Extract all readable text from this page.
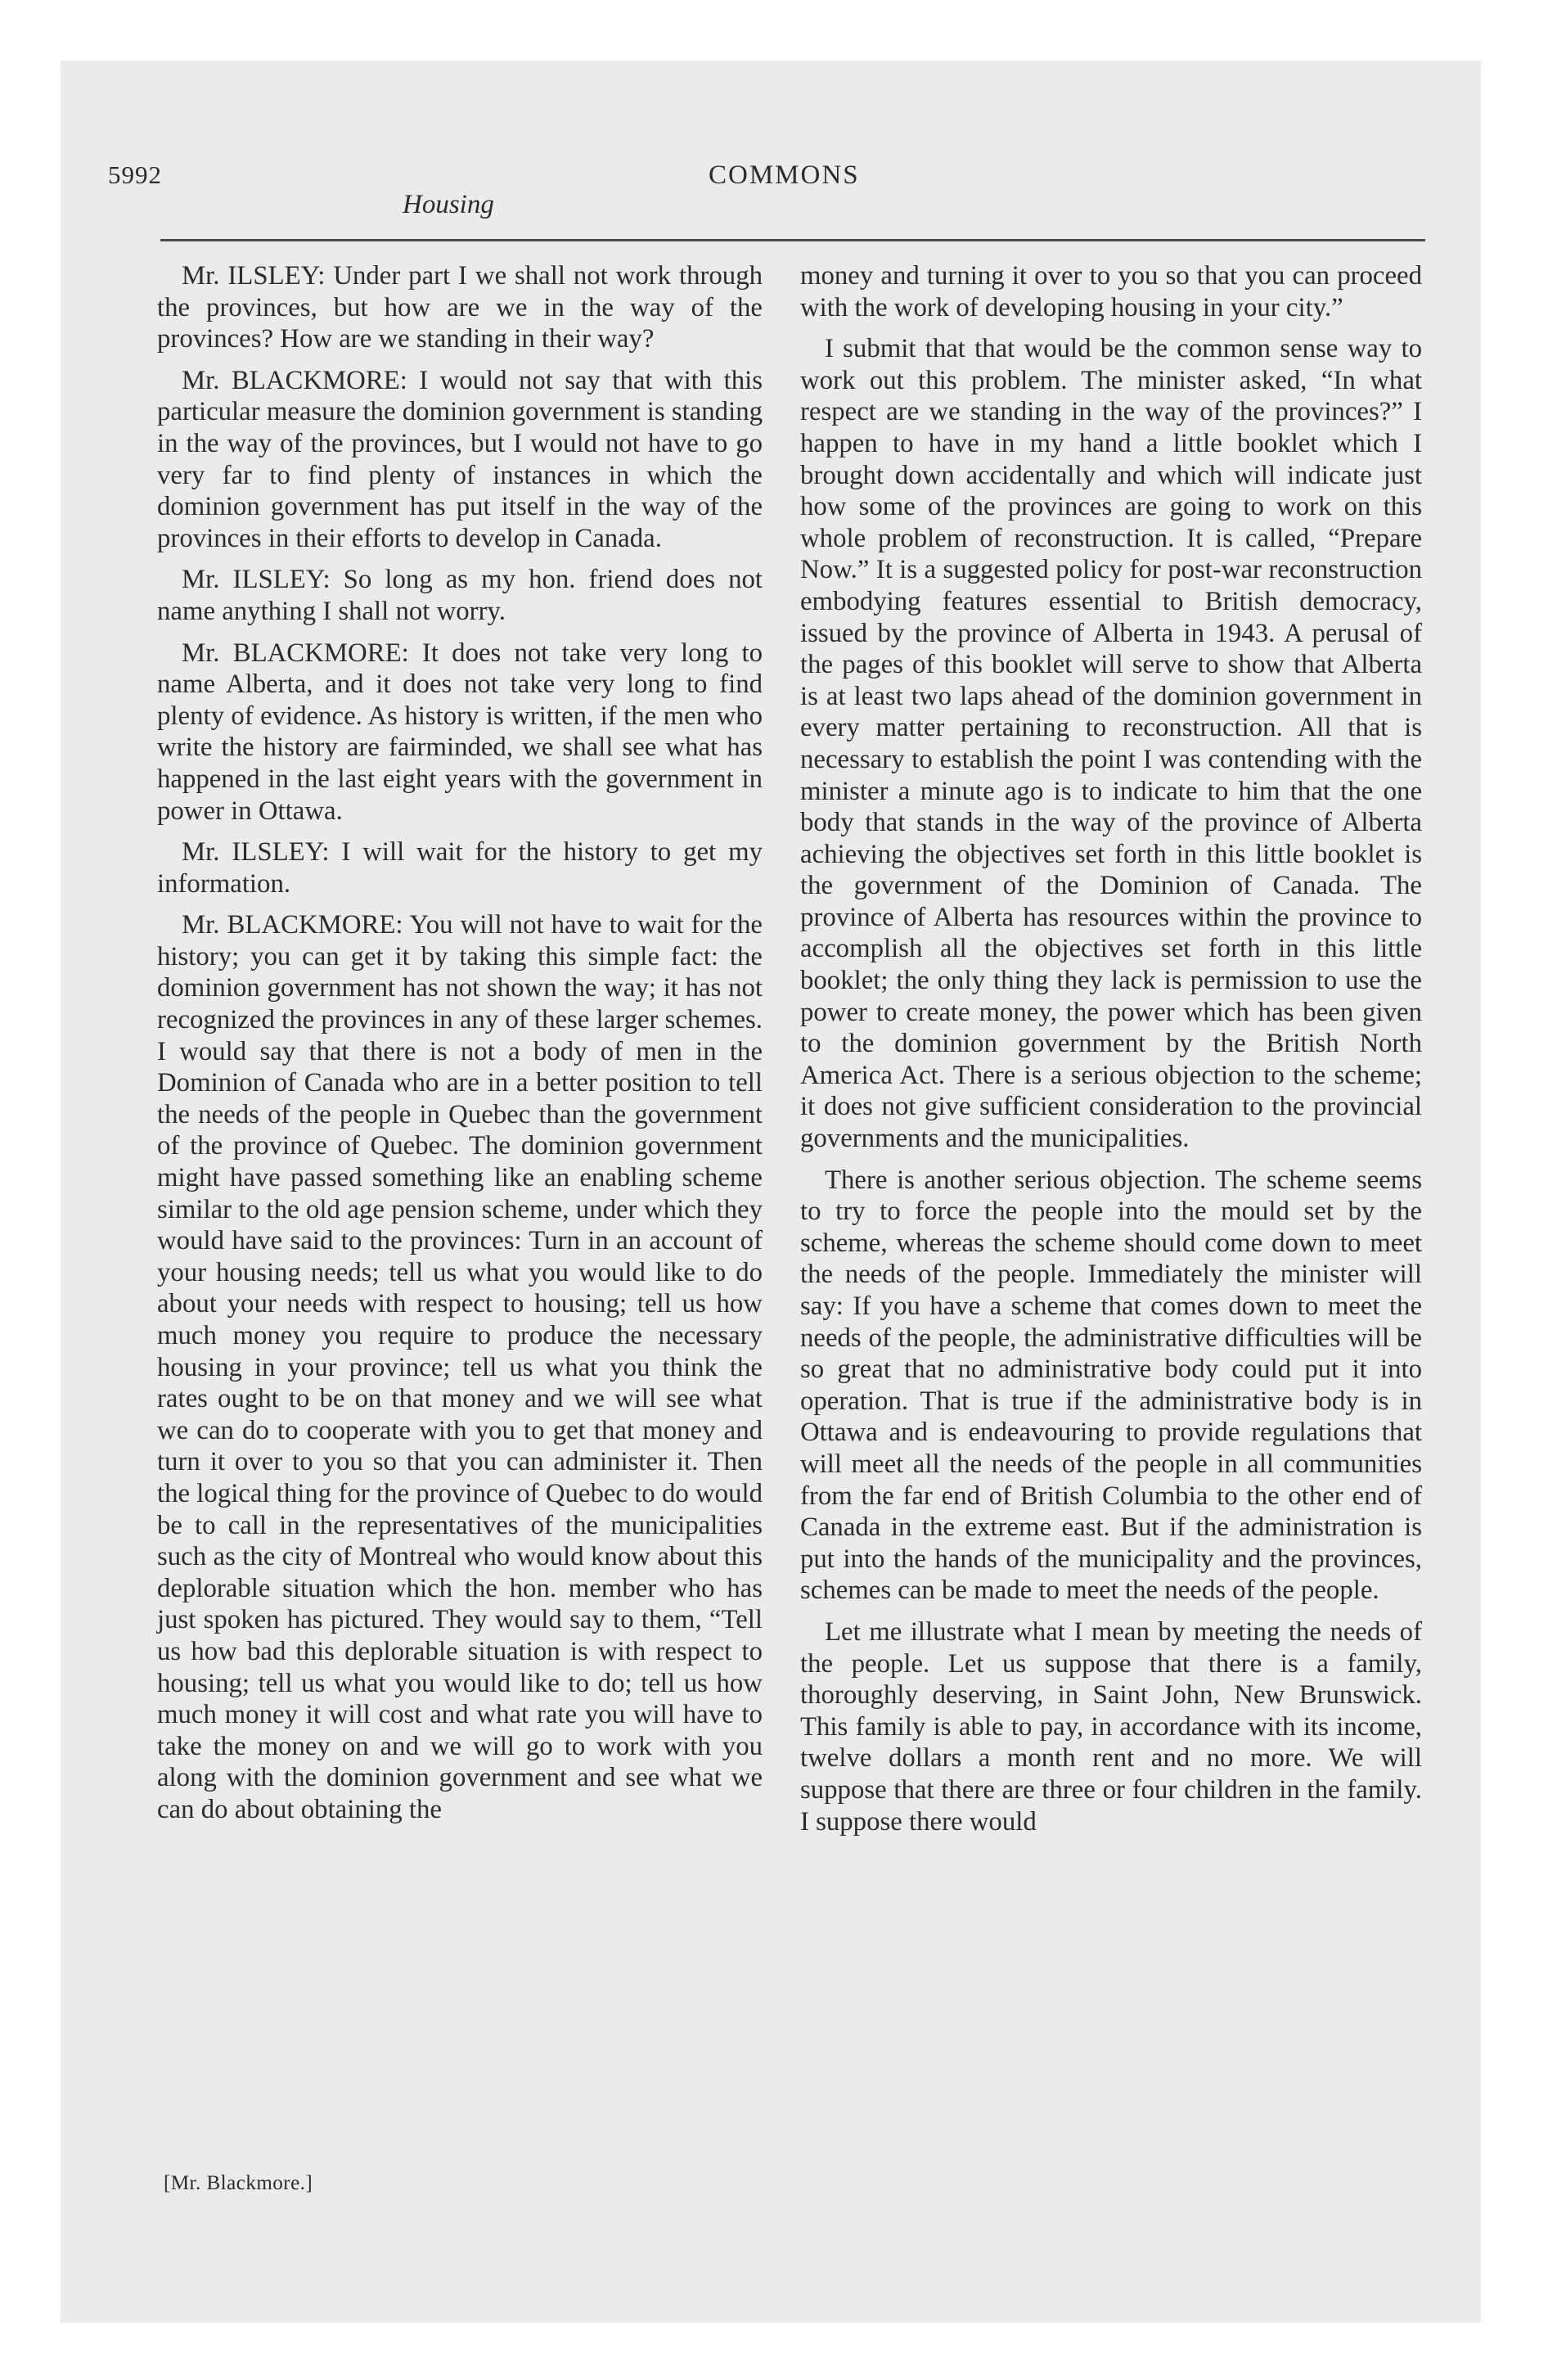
5992
Housing
COMMONS

Mr. ILSLEY: Under part I we shall not work through the provinces, but how are we in the way of the provinces? How are we standing in their way?

Mr. BLACKMORE: I would not say that with this particular measure the dominion government is standing in the way of the provinces, but I would not have to go very far to find plenty of instances in which the dominion government has put itself in the way of the provinces in their efforts to develop in Canada.

Mr. ILSLEY: So long as my hon. friend does not name anything I shall not worry.

Mr. BLACKMORE: It does not take very long to name Alberta, and it does not take very long to find plenty of evidence. As history is written, if the men who write the history are fairminded, we shall see what has happened in the last eight years with the government in power in Ottawa.

Mr. ILSLEY: I will wait for the history to get my information.

Mr. BLACKMORE: You will not have to wait for the history; you can get it by taking this simple fact: the dominion government has not shown the way; it has not recognized the provinces in any of these larger schemes. I would say that there is not a body of men in the Dominion of Canada who are in a better position to tell the needs of the people in Quebec than the government of the province of Quebec. The dominion government might have passed something like an enabling scheme similar to the old age pension scheme, under which they would have said to the provinces: Turn in an account of your housing needs; tell us what you would like to do about your needs with respect to housing; tell us how much money you require to produce the necessary housing in your province; tell us what you think the rates ought to be on that money and we will see what we can do to cooperate with you to get that money and turn it over to you so that you can administer it. Then the logical thing for the province of Quebec to do would be to call in the representatives of the municipalities such as the city of Montreal who would know about this deplorable situation which the hon. member who has just spoken has pictured. They would say to them, “Tell us how bad this deplorable situation is with respect to housing; tell us what you would like to do; tell us how much money it will cost and what rate you will have to take the money on and we will go to work with you along with the dominion government and see what we can do about obtaining the

money and turning it over to you so that you can proceed with the work of developing housing in your city.”

I submit that that would be the common sense way to work out this problem. The minister asked, “In what respect are we standing in the way of the provinces?” I happen to have in my hand a little booklet which I brought down accidentally and which will indicate just how some of the provinces are going to work on this whole problem of reconstruction. It is called, “Prepare Now.” It is a suggested policy for post-war reconstruction embodying features essential to British democracy, issued by the province of Alberta in 1943. A perusal of the pages of this booklet will serve to show that Alberta is at least two laps ahead of the dominion government in every matter pertaining to reconstruction. All that is necessary to establish the point I was contending with the minister a minute ago is to indicate to him that the one body that stands in the way of the province of Alberta achieving the objectives set forth in this little booklet is the government of the Dominion of Canada. The province of Alberta has resources within the province to accomplish all the objectives set forth in this little booklet; the only thing they lack is permission to use the power to create money, the power which has been given to the dominion government by the British North America Act. There is a serious objection to the scheme; it does not give sufficient consideration to the provincial governments and the municipalities.

There is another serious objection. The scheme seems to try to force the people into the mould set by the scheme, whereas the scheme should come down to meet the needs of the people. Immediately the minister will say: If you have a scheme that comes down to meet the needs of the people, the administrative difficulties will be so great that no administrative body could put it into operation. That is true if the administrative body is in Ottawa and is endeavouring to provide regulations that will meet all the needs of the people in all communities from the far end of British Columbia to the other end of Canada in the extreme east. But if the administration is put into the hands of the municipality and the provinces, schemes can be made to meet the needs of the people.

Let me illustrate what I mean by meeting the needs of the people. Let us suppose that there is a family, thoroughly deserving, in Saint John, New Brunswick. This family is able to pay, in accordance with its income, twelve dollars a month rent and no more. We will suppose that there are three or four children in the family. I suppose there would

[Mr. Blackmore.]
